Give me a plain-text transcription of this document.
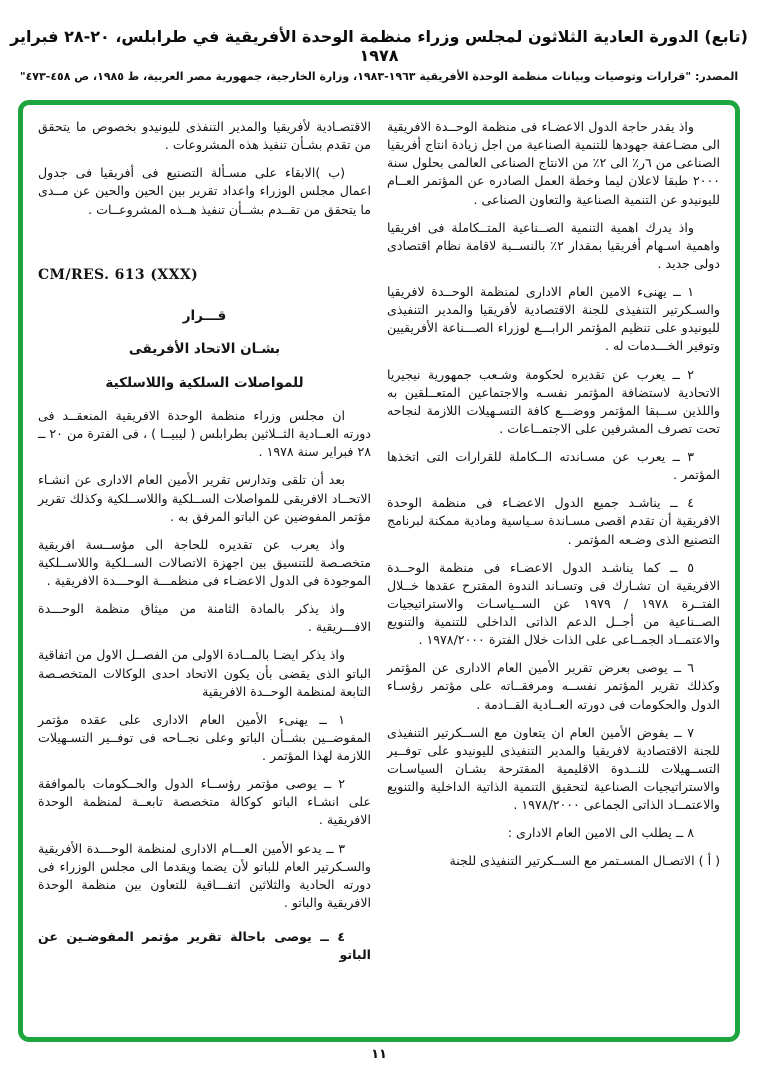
(تابع) الدورة العادية الثلاثون لمجلس وزراء منظمة الوحدة الأفريقية في طرابلس، ٢٠-٢٨ فبراير ١٩٧٨
المصدر: "قرارات وتوصيات وبيانات منظمة الوحدة الأفريقية ١٩٦٣-١٩٨٣، وزارة الخارجية، جمهورية مصر العربية، ط ١٩٨٥، ص ٤٥٨-٤٧٣"
واذ يقدر حاجة الدول الاعضـاء فى منظمة الوحــدة الافريقية الى مضـاعفة جهودها للتنمية الصناعية من اجل زيادة انتاج أفريقيا الصناعى من ٦ر٪ الى ٢٪ من الانتاج الصناعى العالمى بحلول سنة ٢٠٠٠ طبقا لاعلان ليما وخطة العمل الصادره عن المؤتمر العــام لليونيدو عن التنمية الصناعية والتعاون الصناعى .
واذ يدرك اهمية التنمية الصــناعية المتــكاملة فى افريقيا واهمية اسـهام أفريقيا بمقدار ٢٪ بالنســبة لاقامة نظام اقتصادى دولى جديد .
١ ــ يهنىء الامين العام الادارى لمنظمة الوحــدة لافريقيا والسـكرتير التنفيذى للجنة الاقتصادية لأفريقيا والمدير التنفيذى لليونيدو على تنظيم المؤتمر الرابـــع لوزراء الصـــناعة الأفريقيين وتوفير الخـــدمات له .
٢ ــ يعرب عن تقديره لحكومة وشـعب جمهورية نيجيريا الاتحادية لاستضافة المؤتمر نفسـه والاجتماعين المتعــلقين به واللذين ســبقا المؤتمر ووضـــع كافة التسـهيلات اللازمة لنجاحه تحت تصرف المشرفين على الاجتمــاعات .
٣ ــ يعرب عن مسـاندته الــكاملة للقرارات التى اتخذها المؤتمر .
٤ ــ يناشـد جميع الدول الاعضـاء فى منظمة الوحدة الافريقية أن تقدم اقصى مسـاندة سـياسية ومادية ممكنة لبرنامج التصنيع الذى وضـعه المؤتمر .
٥ ــ كما يناشـد الدول الاعضـاء فى منظمة الوحــدة الافريقية ان تشـارك فى وتسـاند الندوة المقترح عقدها خــلال الفتــرة ١٩٧٨ / ١٩٧٩ عن الســياسـات والاستراتيجيات الصــناعية من أجــل الدعم الذاتى الداخلى للتنمية والتنويع والاعتمــاد الجمــاعى على الذات خلال الفترة ١٩٧٨/٢٠٠٠ .
٦ ــ يوصى بعرض تقرير الأمين العام الادارى عن المؤتمر وكذلك تقرير المؤتمر نفســه ومرفقــاته على مؤتمر رؤسـاء الدول والحكومات فى دورته العــادية القــادمة .
٧ ــ يفوض الأمين العام ان يتعاون مع الســكرتير التنفيذى للجنة الاقتصادية لافريقيا والمدير التنفيذى لليونيدو على توفــير التســهيلات للنــدوة الاقليمية المقترحة بشـان السياسـات والاستراتيجيات الصناعية لتحقيق التنمية الذاتية الداخلية والتنويع والاعتمــاد الذاتى الجماعى ١٩٧٨/٢٠٠٠ .
٨ ــ يطلب الى الامين العام الادارى :
( أ ) الاتصـال المسـتمر مع الســكرتير التنفيذى للجنة
الاقتصـادية لأفريقيا والمدير التنفذى لليونيدو بخصوص ما يتحقق من تقدم بشـأن تنفيذ هذه المشروعات .
(ب )الابقاء على مسـألة التصنيع فى أفريقيا فى جدول اعمال مجلس الوزراء واعداد تقرير بين الحين والحين عن مــدى ما يتحقق من تقــدم بشــأن تنفيذ هــذه المشروعــات .
CM/RES. 613 (XXX)
قـــرار
بشـان الاتحاد الأفريقى
للمواصلات السلكية واللاسلكية
ان مجلس وزراء منظمة الوحدة الافريقية المنعقــد فى دورته العــادية الثــلاثين بطرابلس ( ليبيــا ) ، فى الفترة من ٢٠ ــ ٢٨ فبراير سنة ١٩٧٨ .
بعد أن تلقى وتدارس تقرير الأمين العام الادارى عن انشـاء الاتحــاد الافريقى للمواصلات الســلكية واللاســلكية وكذلك تقرير مؤتمر المفوضين عن الباتو المرفق به .
واذ يعرب عن تقديره للحاجة الى مؤســسة افريقية متخصـصة للتنسيق بين اجهزة الاتصالات الســلكية واللاســلكية الموجودة فى الدول الاعضـاء فى منظمـــة الوحـــدة الافريقية .
واذ يذكر بالمادة الثامنة من ميثاق منظمة الوحـــدة الافـــريقية .
واذ يذكر ايضـا بالمــادة الاولى من الفصــل الاول من اتفاقية الباتو الذى يقضى بأن يكون الاتحاد احدى الوكالات المتخصـصة التابعة لمنظمة الوحــدة الافريقية
١ ــ يهنىء الأمين العام الادارى على عقده مؤتمر المفوضــين بشــأن الباتو وعلى نجــاحه فى توفــير التسـهيلات اللازمة لهذا المؤتمر .
٢ ــ يوصى مؤتمر رؤســاء الدول والحــكومات بالموافقة على انشـاء الباتو كوكالة متخصصة تابعــة لمنظمة الوحدة الافريقية .
٣ ــ يدعو الأمين العـــام الادارى لمنظمة الوحـــدة الأفريقية والسـكرتير العام للباتو لأن يضما ويقدما الى مجلس الوزراء فى دورته الحادية والثلاثين اتفـــاقية للتعاون بين منظمة الوحدة الافريقية والباتو .
٤ ــ يوصى باحالة تقرير مؤتمر المفوضـين عن الباتو
١١
